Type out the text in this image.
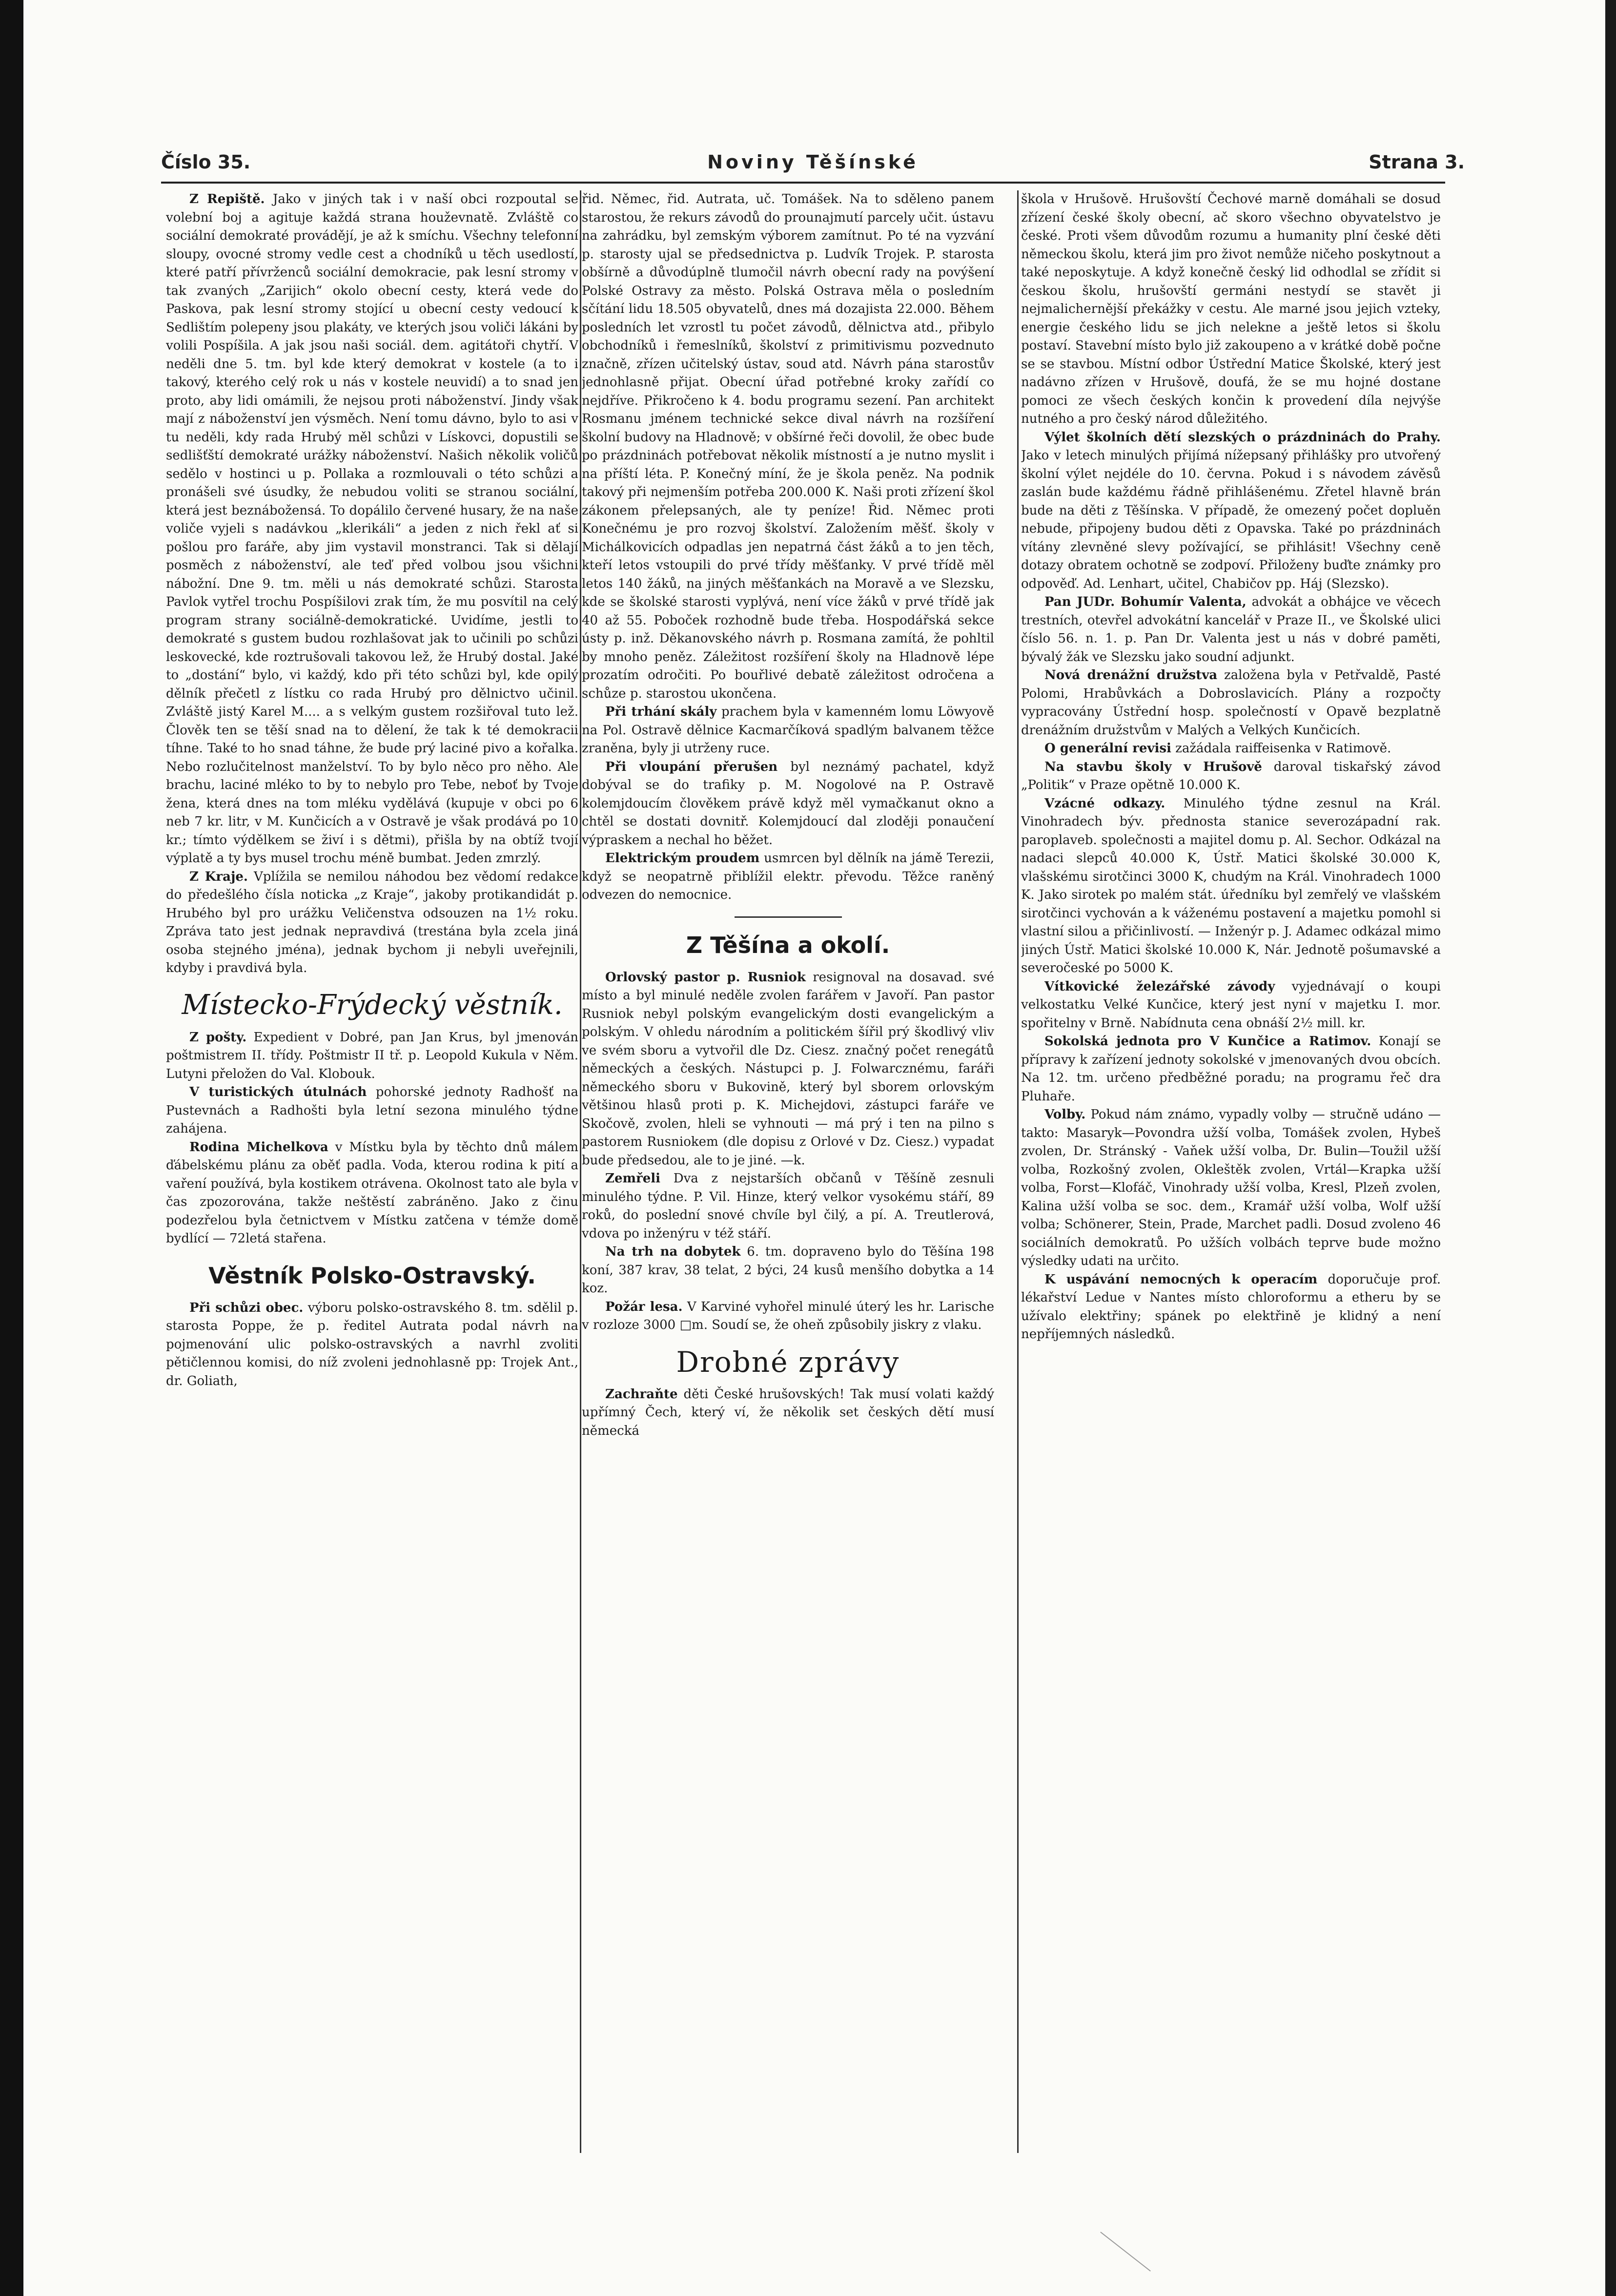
Číslo 35.	Noviny Těšínské	Strana 3.

Z Repiště. Jako v jiných tak i v naší obci rozpoutal se volební boj a agituje každá strana houževnatě. Zvláště co sociální demokraté provádějí, je až k smíchu. Všechny telefonní sloupy, ovocné stromy vedle cest a chodníků u těch usedlostí, které patří přívrženců sociální demokracie, pak lesní stromy v tak zvaných „Zarijich“ okolo obecní cesty, která vede do Paskova, pak lesní stromy stojící u obecní cesty vedoucí k Sedlištím polepeny jsou plakáty, ve kterých jsou voliči lákáni by volili Pospíšila. A jak jsou naši sociál. dem. agitátoři chytří. V neděli dne 5. tm. byl kde který demokrat v kostele (a to i takový, kterého celý rok u nás v kostele neuvidí) a to snad jen proto, aby lidi omámili, že nejsou proti náboženství. Jindy však mají z náboženství jen výsměch. Není tomu dávno, bylo to asi v tu neděli, kdy rada Hrubý měl schůzi v Lískovci, dopustili se sedlišťští demokraté urážky náboženství. Našich několik voličů sedělo v hostinci u p. Pollaka a rozmlouvali o této schůzi a pronášeli své úsudky, že nebudou voliti se stranou sociální, která jest beznábožensá. To dopálilo červené husary, že na naše voliče vyjeli s nadávkou „klerikáli“ a jeden z nich řekl ať si pošlou pro faráře, aby jim vystavil monstranci. Tak si dělají posměch z náboženství, ale teď před volbou jsou všichni nábožní. Dne 9. tm. měli u nás demokraté schůzi. Starosta Pavlok vytřel trochu Pospíšilovi zrak tím, že mu posvítil na celý program strany sociálně-demokratické. Uvidíme, jestli to demokraté s gustem budou rozhlašovat jak to učinili po schůzi leskovecké, kde roztrušovali takovou lež, že Hrubý dostal. Jaké to „dostání“ bylo, vi každý, kdo při této schůzi byl, kde opilý dělník přečetl z lístku co rada Hrubý pro dělnictvo učinil. Zvláště jistý Karel M.... a s velkým gustem rozšiřoval tuto lež. Člověk ten se těší snad na to dělení, že tak k té demokracii tíhne. Také to ho snad táhne, že bude prý laciné pivo a kořalka. Nebo rozlučitelnost manželství. To by bylo něco pro něho. Ale brachu, laciné mléko to by to nebylo pro Tebe, neboť by Tvoje žena, která dnes na tom mléku vydělává (kupuje v obci po 6 neb 7 kr. litr, v M. Kunčicích a v Ostravě je však prodává po 10 kr.; tímto výdělkem se živí i s dětmi), přišla by na obtíž tvojí výplatě a ty bys musel trochu méně bumbat. Jeden zmrzlý.

Z Kraje. Vplížila se nemilou náhodou bez vědomí redakce do předešlého čísla noticka „z Kraje“, jakoby protikandidát p. Hrubého byl pro urážku Veličenstva odsouzen na 1½ roku. Zpráva tato jest jednak nepravdivá (trestána byla zcela jiná osoba stejného jména), jednak bychom ji nebyli uveřejnili, kdyby i pravdivá byla.

Místecko-Frýdecký věstník.

Z pošty. Expedient v Dobré, pan Jan Krus, byl jmenován poštmistrem II. třídy. Poštmistr II tř. p. Leopold Kukula v Něm. Lutyni přeložen do Val. Klobouk.

V turistických útulnách pohorské jednoty Radhošť na Pustevnách a Radhošti byla letní sezona minulého týdne zahájena.

Rodina Michelkova v Místku byla by těchto dnů málem ďábelskému plánu za oběť padla. Voda, kterou rodina k pití a vaření používá, byla kostikem otrávena. Okolnost tato ale byla v čas zpozorována, takže neštěstí zabráněno. Jako z činu podezřelou byla četnictvem v Místku zatčena v témže domě bydlící — 72letá stařena.

Věstník Polsko-Ostravský.

Při schůzi obec. výboru polsko-ostravského 8. tm. sdělil p. starosta Poppe, že p. ředitel Autrata podal návrh na pojmenování ulic polsko-ostravských a navrhl zvoliti pětičlennou komisi, do níž zvoleni jednohlasně pp: Trojek Ant., dr. Goliath,

řid. Němec, řid. Autrata, uč. Tomášek. Na to sděleno panem starostou, že rekurs závodů do prounajmutí parcely učit. ústavu na zahrádku, byl zemským výborem zamítnut. Po té na vyzvání p. starosty ujal se předsednictva p. Ludvík Trojek. P. starosta obšírně a důvodúplně tlumočil návrh obecní rady na povýšení Polské Ostravy za město. Polská Ostrava měla o posledním sčítání lidu 18.505 obyvatelů, dnes má dozajista 22.000. Během posledních let vzrostl tu počet závodů, dělnictva atd., přibylo obchodníků i řemeslníků, školství z primitivismu pozvednuto značně, zřízen učitelský ústav, soud atd. Návrh pána starostův jednohlasně přijat. Obecní úřad potřebné kroky zařídí co nejdříve. Přikročeno k 4. bodu programu sezení. Pan architekt Rosmanu jménem technické sekce dival návrh na rozšíření školní budovy na Hladnově; v obšírné řeči dovolil, že obec bude po prázdninách potřebovat několik místností a je nutno myslit i na příští léta. P. Konečný míní, že je škola peněz. Na podnik takový při nejmenším potřeba 200.000 K. Naši proti zřízení škol zákonem přelepsaných, ale ty peníze! Řid. Němec proti Konečnému je pro rozvoj školství. Založením měšť. školy v Michálkovicích odpadlas jen nepatrná část žáků a to jen těch, kteří letos vstoupili do prvé třídy měšťanky. V prvé třídě měl letos 140 žáků, na jiných měšťankách na Moravě a ve Slezsku, kde se školské starosti vyplývá, není více žáků v prvé třídě jak 40 až 55. Poboček rozhodně bude třeba. Hospodářská sekce ústy p. inž. Děkanovského návrh p. Rosmana zamítá, že pohltil by mnoho peněz. Záležitost rozšíření školy na Hladnově lépe prozatím odročiti. Po bouřlivé debatě záležitost odročena a schůze p. starostou ukončena.

Při trhání skály prachem byla v kamenném lomu Löwyově na Pol. Ostravě dělnice Kacmarčíková spadlým balvanem těžce zraněna, byly ji utrženy ruce.

Při vloupání přerušen byl neznámý pachatel, když dobýval se do trafiky p. M. Nogolové na P. Ostravě kolemjdoucím člověkem právě když měl vymačkanut okno a chtěl se dostati dovnitř. Kolemjdoucí dal zloději ponaučení výpraskem a nechal ho běžet.

Elektrickým proudem usmrcen byl dělník na jámě Terezii, když se neopatrně přiblížil elektr. převodu. Těžce raněný odvezen do nemocnice.

Z Těšína a okolí.

Orlovský pastor p. Rusniok resignoval na dosavad. své místo a byl minulé neděle zvolen farářem v Javoří. Pan pastor Rusniok nebyl polským evangelickým dosti evangelickým a polským. V ohledu národním a politickém šířil prý škodlivý vliv ve svém sboru a vytvořil dle Dz. Ciesz. značný počet renegátů německých a českých. Nástupci p. J. Folwarcznému, faráři německého sboru v Bukovině, který byl sborem orlovským většinou hlasů proti p. K. Michejdovi, zástupci faráře ve Skočově, zvolen, hleli se vyhnouti — má prý i ten na pilno s pastorem Rusniokem (dle dopisu z Orlové v Dz. Ciesz.) vypadat bude předsedou, ale to je jiné. —k.

Zemřeli Dva z nejstarších občanů v Těšíně zesnuli minulého týdne. P. Vil. Hinze, který velkor vysokému stáří, 89 roků, do poslední snové chvíle byl čilý, a pí. A. Treutlerová, vdova po inženýru v též stáří.

Na trh na dobytek 6. tm. dopraveno bylo do Těšína 198 koní, 387 krav, 38 telat, 2 býci, 24 kusů menšího dobytka a 14 koz.

Požár lesa. V Karviné vyhořel minulé úterý les hr. Larische v rozloze 3000 □m. Soudí se, že oheň způsobily jiskry z vlaku.

Drobné zprávy

Zachraňte děti České hrušovských! Tak musí volati každý upřímný Čech, který ví, že několik set českých dětí musí německá

škola v Hrušově. Hrušovští Čechové marně domáhali se dosud zřízení české školy obecní, ač skoro všechno obyvatelstvo je české. Proti všem důvodům rozumu a humanity plní české děti německou školu, která jim pro život nemůže ničeho poskytnout a také neposkytuje. A když konečně český lid odhodlal se zřídit si českou školu, hrušovští germáni nestydí se stavět ji nejmalichernější překážky v cestu. Ale marné jsou jejich vzteky, energie českého lidu se jich nelekne a ještě letos si školu postaví. Stavební místo bylo již zakoupeno a v krátké době počne se se stavbou. Místní odbor Ústřední Matice Školské, který jest nadávno zřízen v Hrušově, doufá, že se mu hojné dostane pomoci ze všech českých končin k provedení díla nejvýše nutného a pro český národ důležitého.

Výlet školních dětí slezských o prázdninách do Prahy. Jako v letech minulých přijímá nížepsaný přihlášky pro utvořený školní výlet nejdéle do 10. června. Pokud i s návodem závěsů zaslán bude každému řádně přihlášenému. Zřetel hlavně brán bude na děti z Těšínska. V případě, že omezený počet dopluěn nebude, připojeny budou děti z Opavska. Také po prázdninách vítány zlevněné slevy požívající, se přihlásit! Všechny ceně dotazy obratem ochotně se zodpoví. Přiloženy buďte známky pro odpověď. Ad. Lenhart, učitel, Chabičov pp. Háj (Slezsko).

Pan JUDr. Bohumír Valenta, advokát a obhájce ve věcech trestních, otevřel advokátní kancelář v Praze II., ve Školské ulici číslo 56. n. 1. p. Pan Dr. Valenta jest u nás v dobré paměti, bývalý žák ve Slezsku jako soudní adjunkt.

Nová drenážní družstva založena byla v Petřvaldě, Pasté Polomi, Hrabůvkách a Dobroslavicích. Plány a rozpočty vypracovány Ústřední hosp. společností v Opavě bezplatně drenážním družstvům v Malých a Velkých Kunčicích.

O generální revisi zažádala raiffeisenka v Ratimově.

Na stavbu školy v Hrušově daroval tiskařský závod „Politik“ v Praze opětně 10.000 K.

Vzácné odkazy. Minulého týdne zesnul na Král. Vinohradech býv. přednosta stanice severozápadní rak. paroplaveb. společnosti a majitel domu p. Al. Sechor. Odkázal na nadaci slepců 40.000 K, Ústř. Matici školské 30.000 K, vlašskému sirotčinci 3000 K, chudým na Král. Vinohradech 1000 K. Jako sirotek po malém stát. úředníku byl zemřelý ve vlašském sirotčinci vychován a k váženému postavení a majetku pomohl si vlastní silou a přičinlivostí. — Inženýr p. J. Adamec odkázal mimo jiných Ústř. Matici školské 10.000 K, Nár. Jednotě pošumavské a severočeské po 5000 K.

Vítkovické železářské závody vyjednávají o koupi velkostatku Velké Kunčice, který jest nyní v majetku I. mor. spořitelny v Brně. Nabídnuta cena obnáší 2½ mill. kr.

Sokolská jednota pro V Kunčice a Ratimov. Konají se přípravy k zařízení jednoty sokolské v jmenovaných dvou obcích. Na 12. tm. určeno předběžné poradu; na programu řeč dra Pluhaře.

Volby. Pokud nám známo, vypadly volby — stručně udáno — takto: Masaryk—Povondra užší volba, Tomášek zvolen, Hybeš zvolen, Dr. Stránský - Vaňek užší volba, Dr. Bulin—Toužil užší volba, Rozkošný zvolen, Okleštěk zvolen, Vrtál—Krapka užší volba, Forst—Klofáč, Vinohrady užší volba, Kresl, Plzeň zvolen, Kalina užší volba se soc. dem., Kramář užší volba, Wolf užší volba; Schönerer, Stein, Prade, Marchet padli. Dosud zvoleno 46 sociálních demokratů. Po užších volbách teprve bude možno výsledky udati na určito.

K uspávání nemocných k operacím doporučuje prof. lékařství Ledue v Nantes místo chloroformu a etheru by se užívalo elektřiny; spánek po elektřině je klidný a není nepříjemných následků.
